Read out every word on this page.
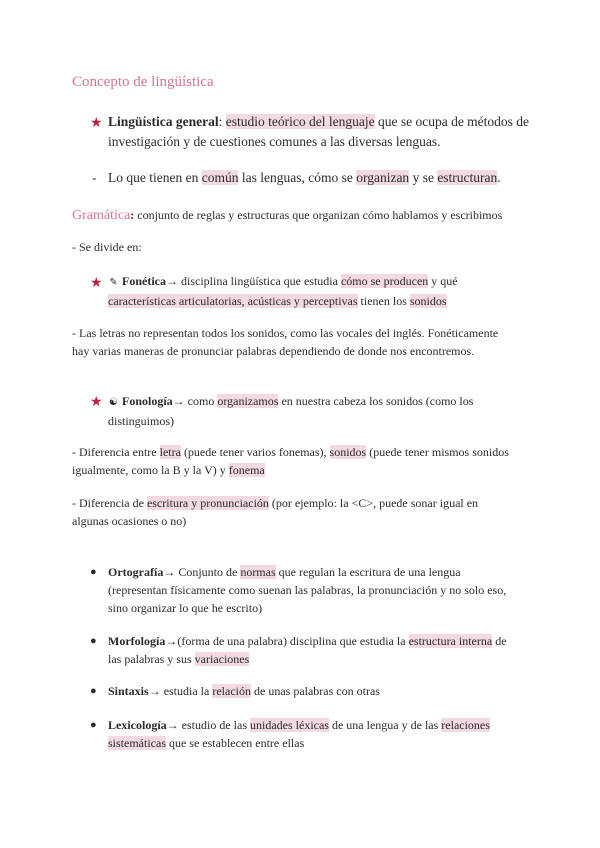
Concepto de lingüística
★ Lingüística general: estudio teórico del lenguaje que se ocupa de métodos de
investigación y de cuestiones comunes a las diversas lenguas.
- Lo que tienen en común las lenguas, cómo se organizan y se estructuran.
Gramática: conjunto de reglas y estructuras que organizan cómo hablamos y escribimos
- Se divide en:
★ ✎ Fonética→ disciplina lingüística que estudia cómo se producen y qué
características articulatorias, acústicas y perceptivas tienen los sonidos
- Las letras no representan todos los sonidos, como las vocales del inglés. Fonéticamente
hay varias maneras de pronunciar palabras dependiendo de donde nos encontremos.
★ ☯ Fonología→ como organizamos en nuestra cabeza los sonidos (como los
distinguimos)
- Diferencia entre letra (puede tener varios fonemas), sonidos (puede tener mismos sonidos
igualmente, como la B y la V) y fonema
- Diferencia de escritura y pronunciación (por ejemplo: la <C>, puede sonar igual en
algunas ocasiones o no)
● Ortografía→ Conjunto de normas que regulan la escritura de una lengua
(representan físicamente como suenan las palabras, la pronunciación y no solo eso,
sino organizar lo que he escrito)
● Morfología→(forma de una palabra) disciplina que estudia la estructura interna de
las palabras y sus variaciones
● Sintaxis→ estudia la relación de unas palabras con otras
● Lexicología→ estudio de las unidades léxicas de una lengua y de las relaciones
sistemáticas que se establecen entre ellas
